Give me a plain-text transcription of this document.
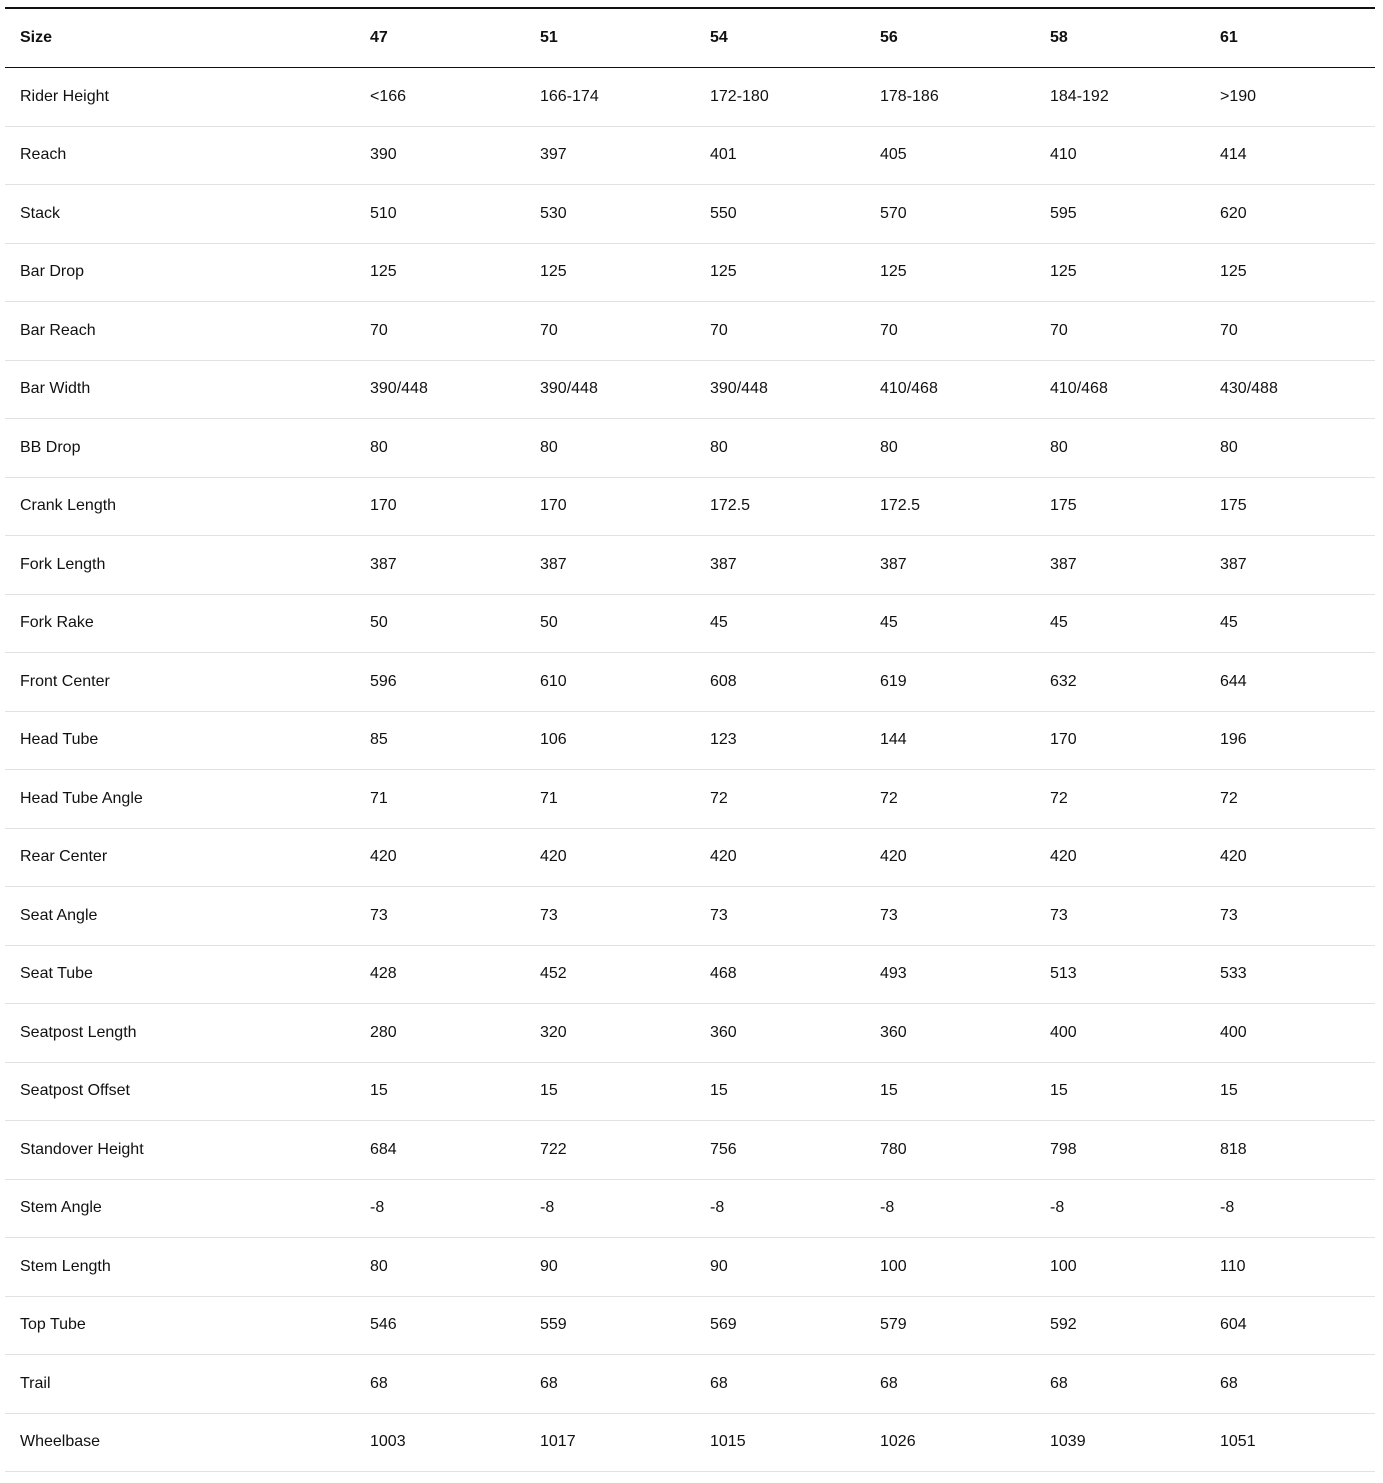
Size	47	51	54	56	58	61
Rider Height	<166	166-174	172-180	178-186	184-192	>190
Reach	390	397	401	405	410	414
Stack	510	530	550	570	595	620
Bar Drop	125	125	125	125	125	125
Bar Reach	70	70	70	70	70	70
Bar Width	390/448	390/448	390/448	410/468	410/468	430/488
BB Drop	80	80	80	80	80	80
Crank Length	170	170	172.5	172.5	175	175
Fork Length	387	387	387	387	387	387
Fork Rake	50	50	45	45	45	45
Front Center	596	610	608	619	632	644
Head Tube	85	106	123	144	170	196
Head Tube Angle	71	71	72	72	72	72
Rear Center	420	420	420	420	420	420
Seat Angle	73	73	73	73	73	73
Seat Tube	428	452	468	493	513	533
Seatpost Length	280	320	360	360	400	400
Seatpost Offset	15	15	15	15	15	15
Standover Height	684	722	756	780	798	818
Stem Angle	-8	-8	-8	-8	-8	-8
Stem Length	80	90	90	100	100	110
Top Tube	546	559	569	579	592	604
Trail	68	68	68	68	68	68
Wheelbase	1003	1017	1015	1026	1039	1051
